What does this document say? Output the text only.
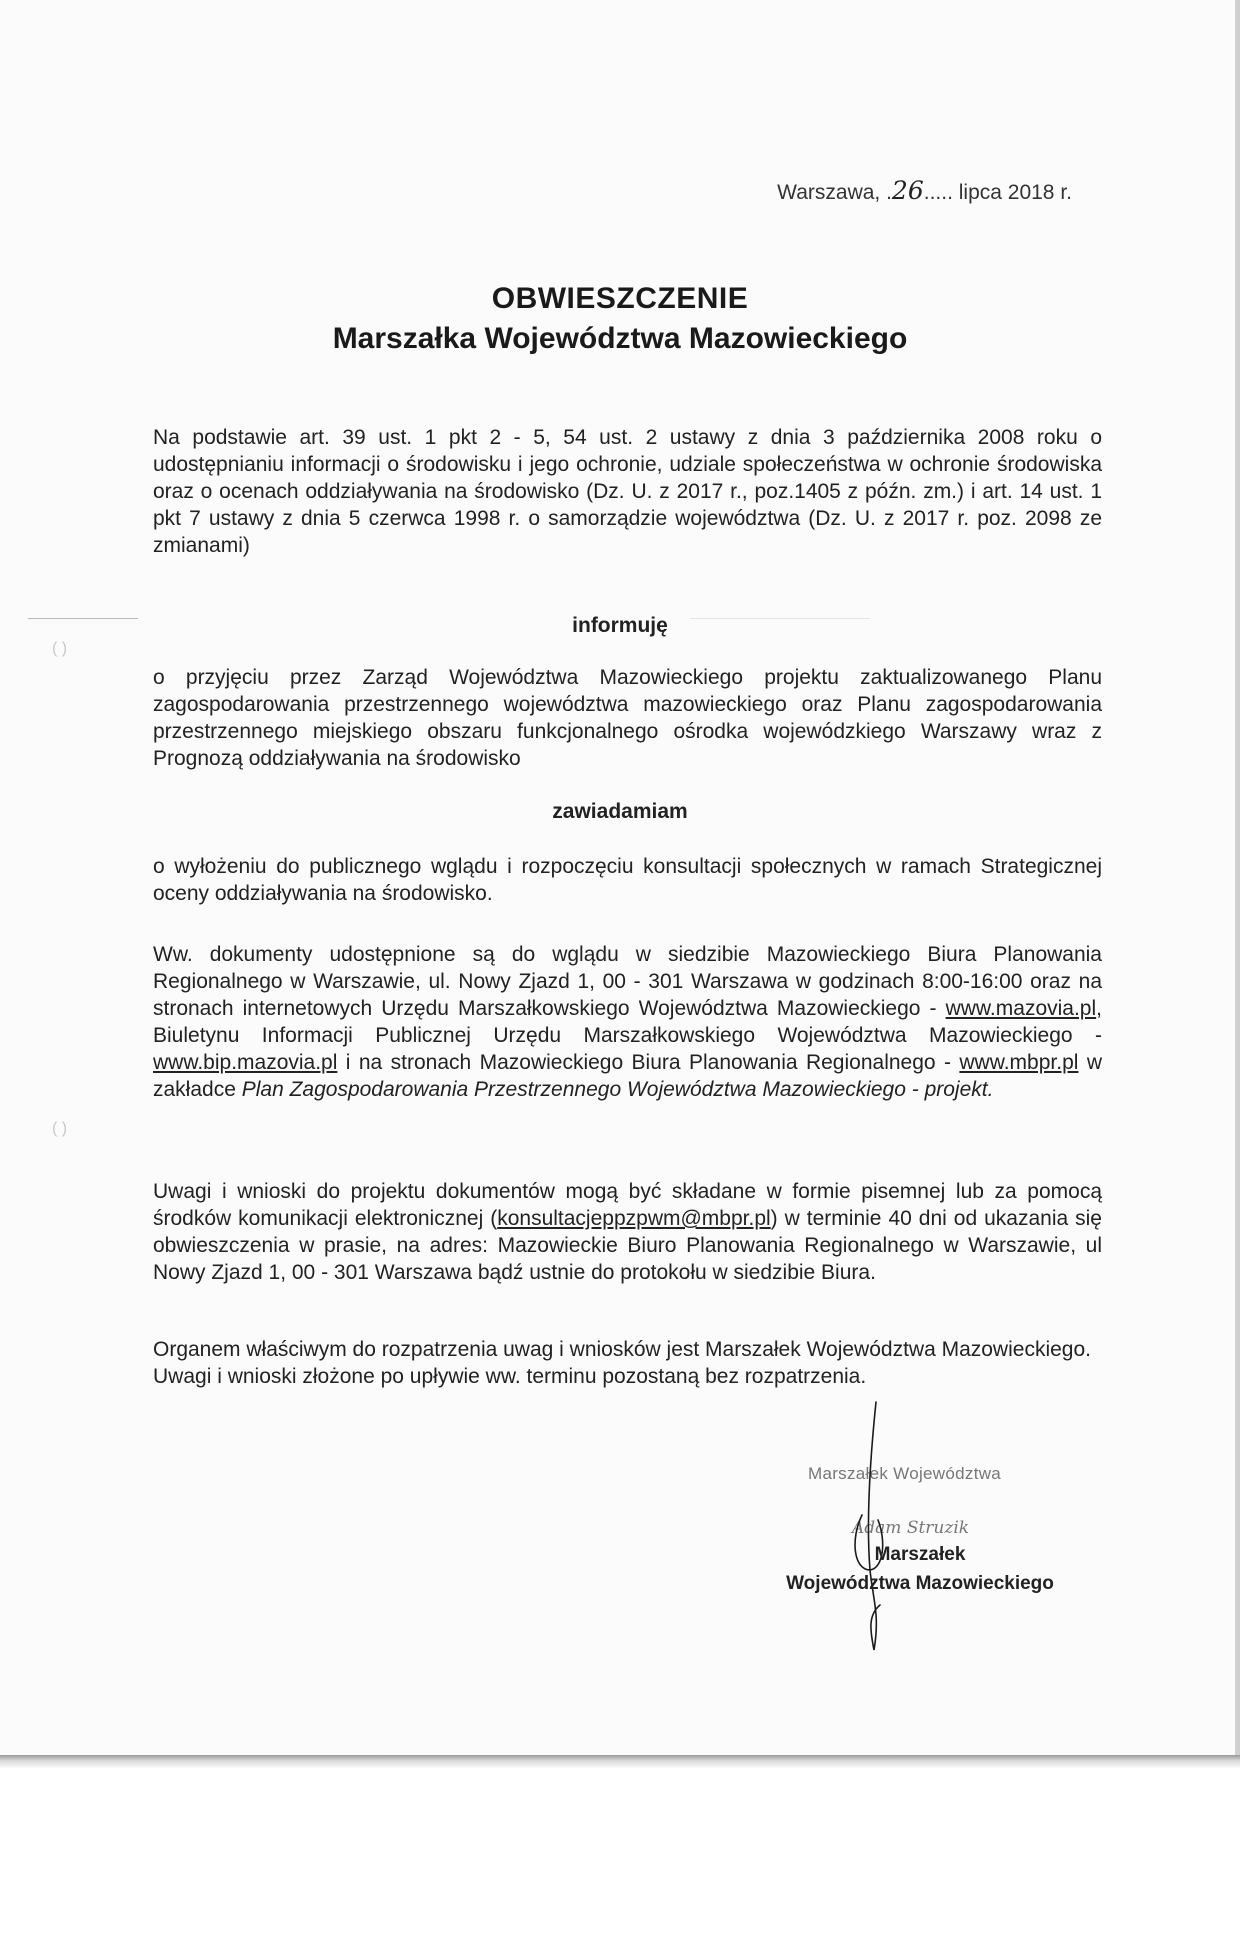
Warszawa, .26..... lipca 2018 r.
OBWIESZCZENIE
Marszałka Województwa Mazowieckiego
Na podstawie art. 39 ust. 1 pkt 2 - 5, 54 ust. 2 ustawy z dnia 3 października 2008 roku o udostępnianiu informacji o środowisku i jego ochronie, udziale społeczeństwa w ochronie środowiska oraz o ocenach oddziaływania na środowisko (Dz. U. z 2017 r., poz.1405 z późn. zm.) i art. 14 ust. 1 pkt 7 ustawy z dnia 5 czerwca 1998 r. o samorządzie województwa (Dz. U. z 2017 r. poz. 2098 ze zmianami)
( )
( )
informuję
o przyjęciu przez Zarząd Województwa Mazowieckiego projektu zaktualizowanego Planu zagospodarowania przestrzennego województwa mazowieckiego oraz Planu zagospodarowania przestrzennego miejskiego obszaru funkcjonalnego ośrodka wojewódzkiego Warszawy wraz z Prognozą oddziaływania na środowisko
zawiadamiam
o wyłożeniu do publicznego wglądu i rozpoczęciu konsultacji społecznych w ramach Strategicznej oceny oddziaływania na środowisko.
Ww. dokumenty udostępnione są do wglądu w siedzibie Mazowieckiego Biura Planowania Regionalnego w Warszawie, ul. Nowy Zjazd 1, 00 - 301 Warszawa w godzinach 8:00-16:00 oraz na stronach internetowych Urzędu Marszałkowskiego Województwa Mazowieckiego - www.mazovia.pl, Biuletynu Informacji Publicznej Urzędu Marszałkowskiego Województwa Mazowieckiego - www.bip.mazovia.pl i na stronach Mazowieckiego Biura Planowania Regionalnego - www.mbpr.pl w zakładce Plan Zagospodarowania Przestrzennego Województwa Mazowieckiego - projekt.
Uwagi i wnioski do projektu dokumentów mogą być składane w formie pisemnej lub za pomocą środków komunikacji elektronicznej (konsultacjeppzpwm@mbpr.pl) w terminie 40 dni od ukazania się obwieszczenia w prasie, na adres: Mazowieckie Biuro Planowania Regionalnego w Warszawie, ul Nowy Zjazd 1, 00 - 301 Warszawa bądź ustnie do protokołu w siedzibie Biura.
Organem właściwym do rozpatrzenia uwag i wniosków jest Marszałek Województwa Mazowieckiego.
Uwagi i wnioski złożone po upływie ww. terminu pozostaną bez rozpatrzenia.
Marszałek Województwa
Adam Struzik
Marszałek
Województwa Mazowieckiego
